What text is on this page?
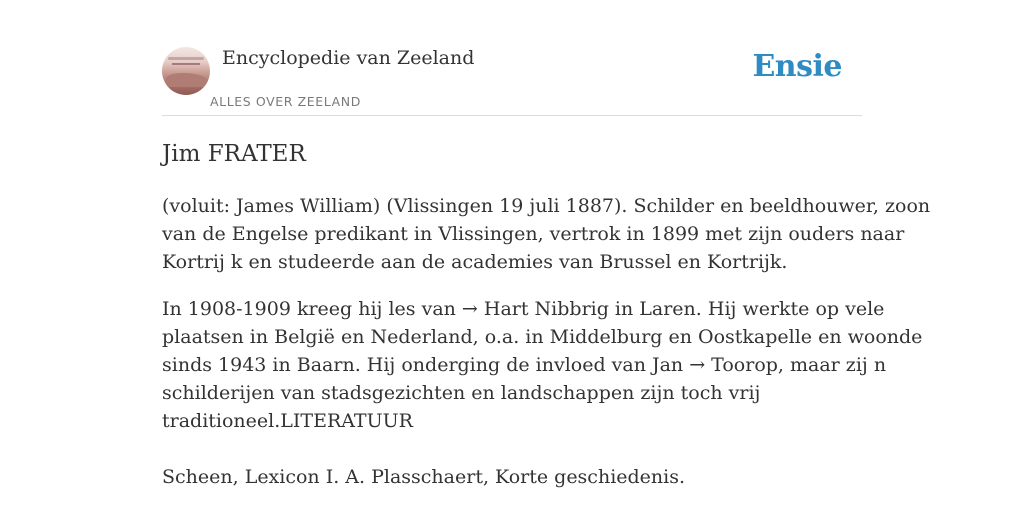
Encyclopedie van Zeeland
ALLES OVER ZEELAND
Ensie
Jim FRATER

(voluit: James William) (Vlissingen 19 juli 1887). Schilder en beeldhouwer, zoon

van de Engelse predikant in Vlissingen, vertrok in 1899 met zijn ouders naar

Kortrij k en studeerde aan de academies van Brussel en Kortrijk.

In 1908-1909 kreeg hij les van → Hart Nibbrig in Laren. Hij werkte op vele

plaatsen in België en Nederland, o.a. in Middelburg en Oostkapelle en woonde

sinds 1943 in Baarn. Hij onderging de invloed van Jan → Toorop, maar zij n

schilderijen van stadsgezichten en landschappen zijn toch vrij

traditioneel.LITERATUUR

Scheen, Lexicon I. A. Plasschaert, Korte geschiedenis.
